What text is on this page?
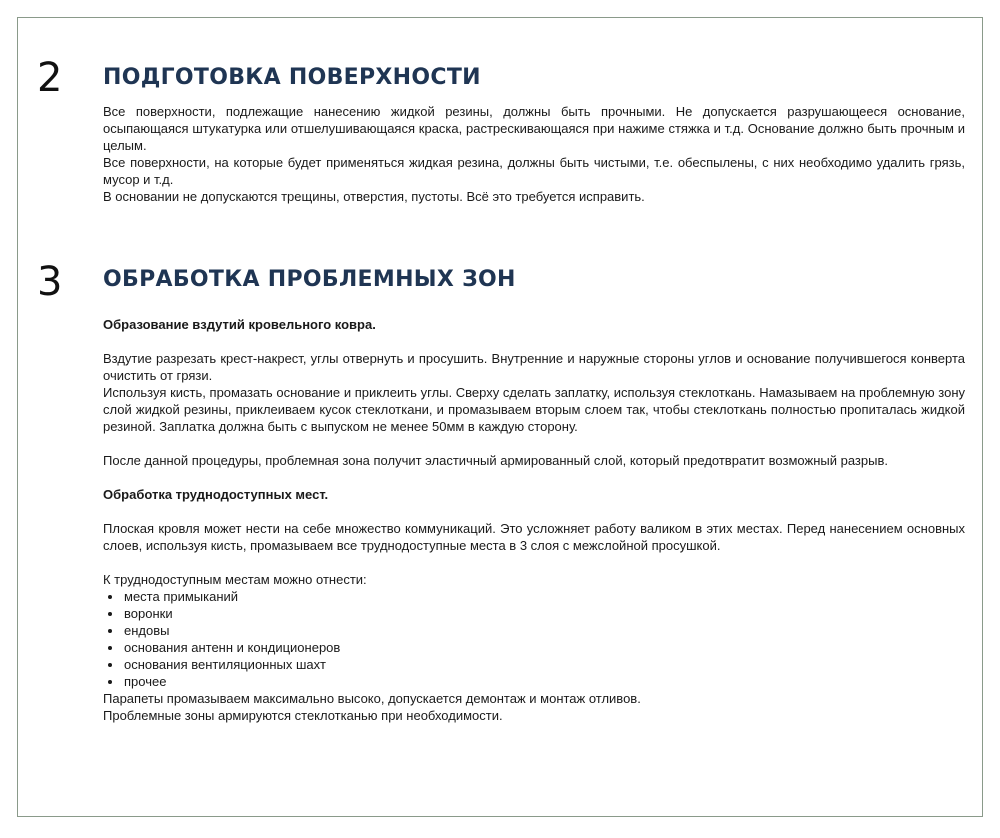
2 ПОДГОТОВКА ПОВЕРХНОСТИ

Все поверхности, подлежащие нанесению жидкой резины, должны быть прочными. Не допускается разрушающееся основание, осыпающаяся штукатурка или отшелушивающаяся краска, растрескивающаяся при нажиме стяжка и т.д. Основание должно быть прочным и целым.

Все поверхности, на которые будет применяться жидкая резина, должны быть чистыми, т.е. обеспылены, с них необходимо удалить грязь, мусор и т.д.

В основании не допускаются трещины, отверстия, пустоты. Всё это требуется исправить.

3 ОБРАБОТКА ПРОБЛЕМНЫХ ЗОН

Образование вздутий кровельного ковра.

Вздутие разрезать крест-накрест, углы отвернуть и просушить. Внутренние и наружные стороны углов и основание получившегося конверта очистить от грязи.

Используя кисть, промазать основание и приклеить углы. Сверху сделать заплатку, используя стеклоткань. Намазываем на проблемную зону слой жидкой резины, приклеиваем кусок стеклоткани, и промазываем вторым слоем так, чтобы стеклоткань полностью пропиталась жидкой резиной. Заплатка должна быть с выпуском не менее 50мм в каждую сторону.

После данной процедуры, проблемная зона получит эластичный армированный слой, который предотвратит возможный разрыв.

Обработка труднодоступных мест.

Плоская кровля может нести на себе множество коммуникаций. Это усложняет работу валиком в этих местах. Перед нанесением основных слоев, используя кисть, промазываем все труднодоступные места в 3 слоя с межслойной просушкой.

К труднодоступным местам можно отнести:

места примыканий
воронки
ендовы
основания антенн и кондиционеров
основания вентиляционных шахт
прочее

Парапеты промазываем максимально высоко, допускается демонтаж и монтаж отливов.

Проблемные зоны армируются стеклотканью при необходимости.
